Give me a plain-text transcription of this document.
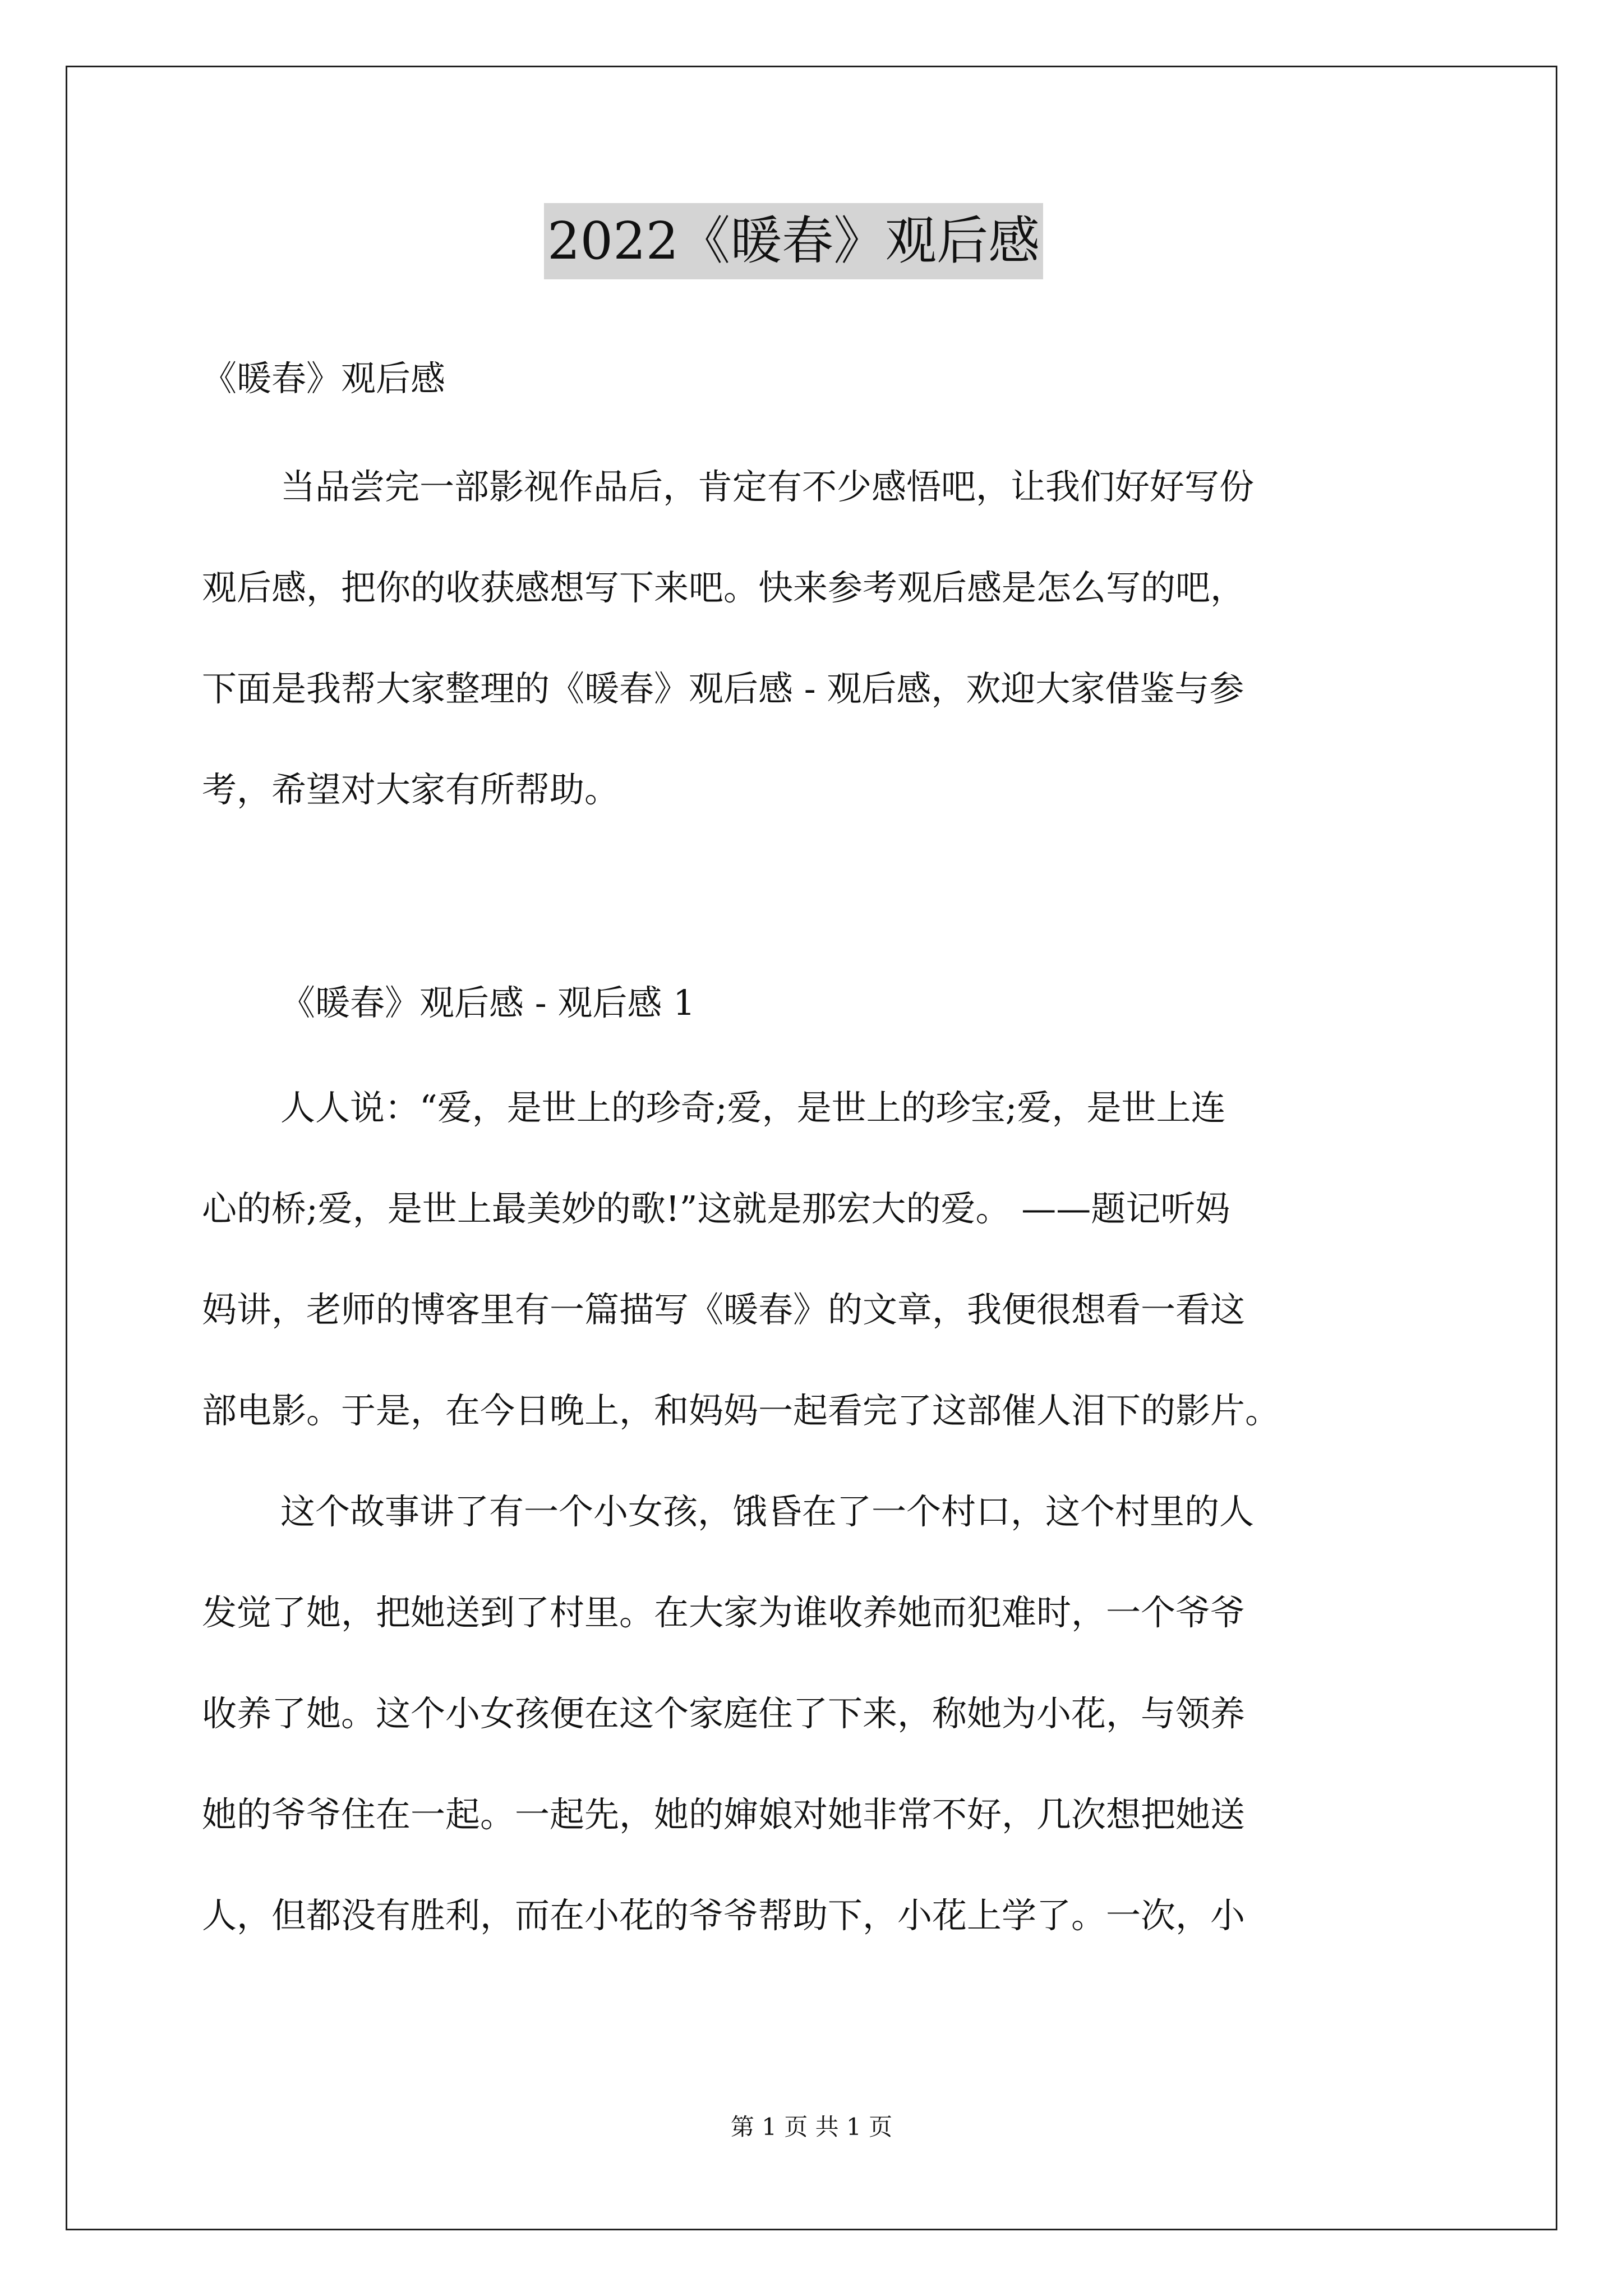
2022《暖春》观后感
《暖春》观后感
当品尝完一部影视作品后，肯定有不少感悟吧，让我们好好写份
观后感，把你的收获感想写下来吧。快来参考观后感是怎么写的吧，
下面是我帮大家整理的《暖春》观后感 - 观后感，欢迎大家借鉴与参
考，希望对大家有所帮助。
《暖春》观后感 - 观后感 1
人人说：“爱，是世上的珍奇;爱，是世上的珍宝;爱，是世上连
心的桥;爱，是世上最美妙的歌!”这就是那宏大的爱。 ——题记听妈
妈讲，老师的博客里有一篇描写《暖春》的文章，我便很想看一看这
部电影。于是，在今日晚上，和妈妈一起看完了这部催人泪下的影片。
这个故事讲了有一个小女孩，饿昏在了一个村口，这个村里的人
发觉了她，把她送到了村里。在大家为谁收养她而犯难时，一个爷爷
收养了她。这个小女孩便在这个家庭住了下来，称她为小花，与领养
她的爷爷住在一起。一起先，她的婶娘对她非常不好，几次想把她送
人，但都没有胜利，而在小花的爷爷帮助下，小花上学了。一次，小
第 1 页 共 1 页
